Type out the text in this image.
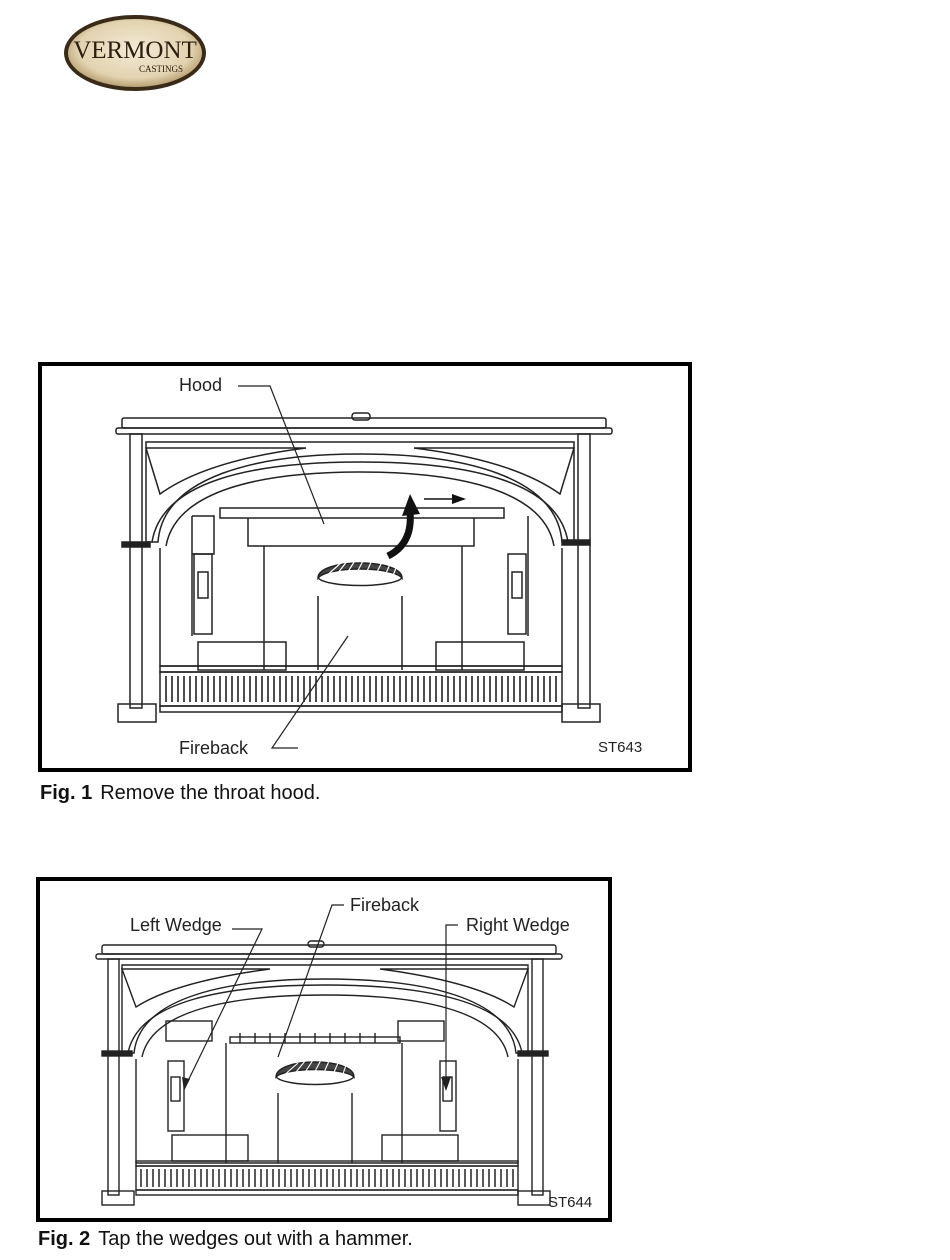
VERMONT
CASTINGS
Hood
Fireback	ST643
Fig. 1 Remove the throat hood.
Left Wedge
Fireback
Right Wedge
ST644
Fig. 2 Tap the wedges out with a hammer.
